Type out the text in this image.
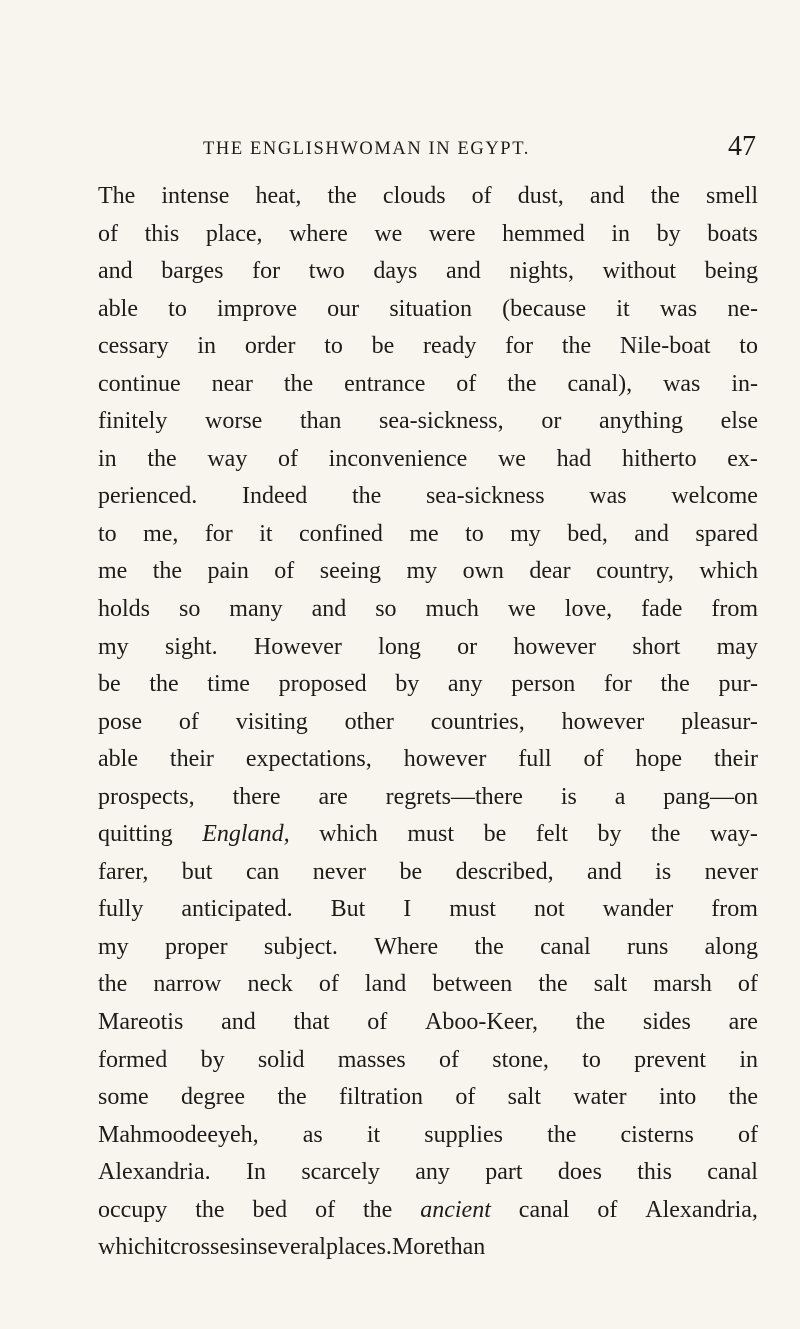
THE ENGLISHWOMAN IN EGYPT.	47
The intense heat, the clouds of dust, and the smell
of this place, where we were hemmed in by boats
and barges for two days and nights, without being
able to improve our situation (because it was ne-
cessary in order to be ready for the Nile-boat to
continue near the entrance of the canal), was in-
finitely worse than sea-sickness, or anything else
in the way of inconvenience we had hitherto ex-
perienced. Indeed the sea-sickness was welcome
to me, for it confined me to my bed, and spared
me the pain of seeing my own dear country, which
holds so many and so much we love, fade from
my sight. However long or however short may
be the time proposed by any person for the pur-
pose of visiting other countries, however pleasur-
able their expectations, however full of hope their
prospects, there are regrets—there is a pang—on
quitting England, which must be felt by the way-
farer, but can never be described, and is never
fully anticipated. But I must not wander from
my proper subject. Where the canal runs along
the narrow neck of land between the salt marsh of
Mareotis and that of Aboo-Keer, the sides are
formed by solid masses of stone, to prevent in
some degree the filtration of salt water into the
Mahmoodeeyeh, as it supplies the cisterns of
Alexandria. In scarcely any part does this canal
occupy the bed of the ancient canal of Alexandria,
which it crosses in several places. More than
